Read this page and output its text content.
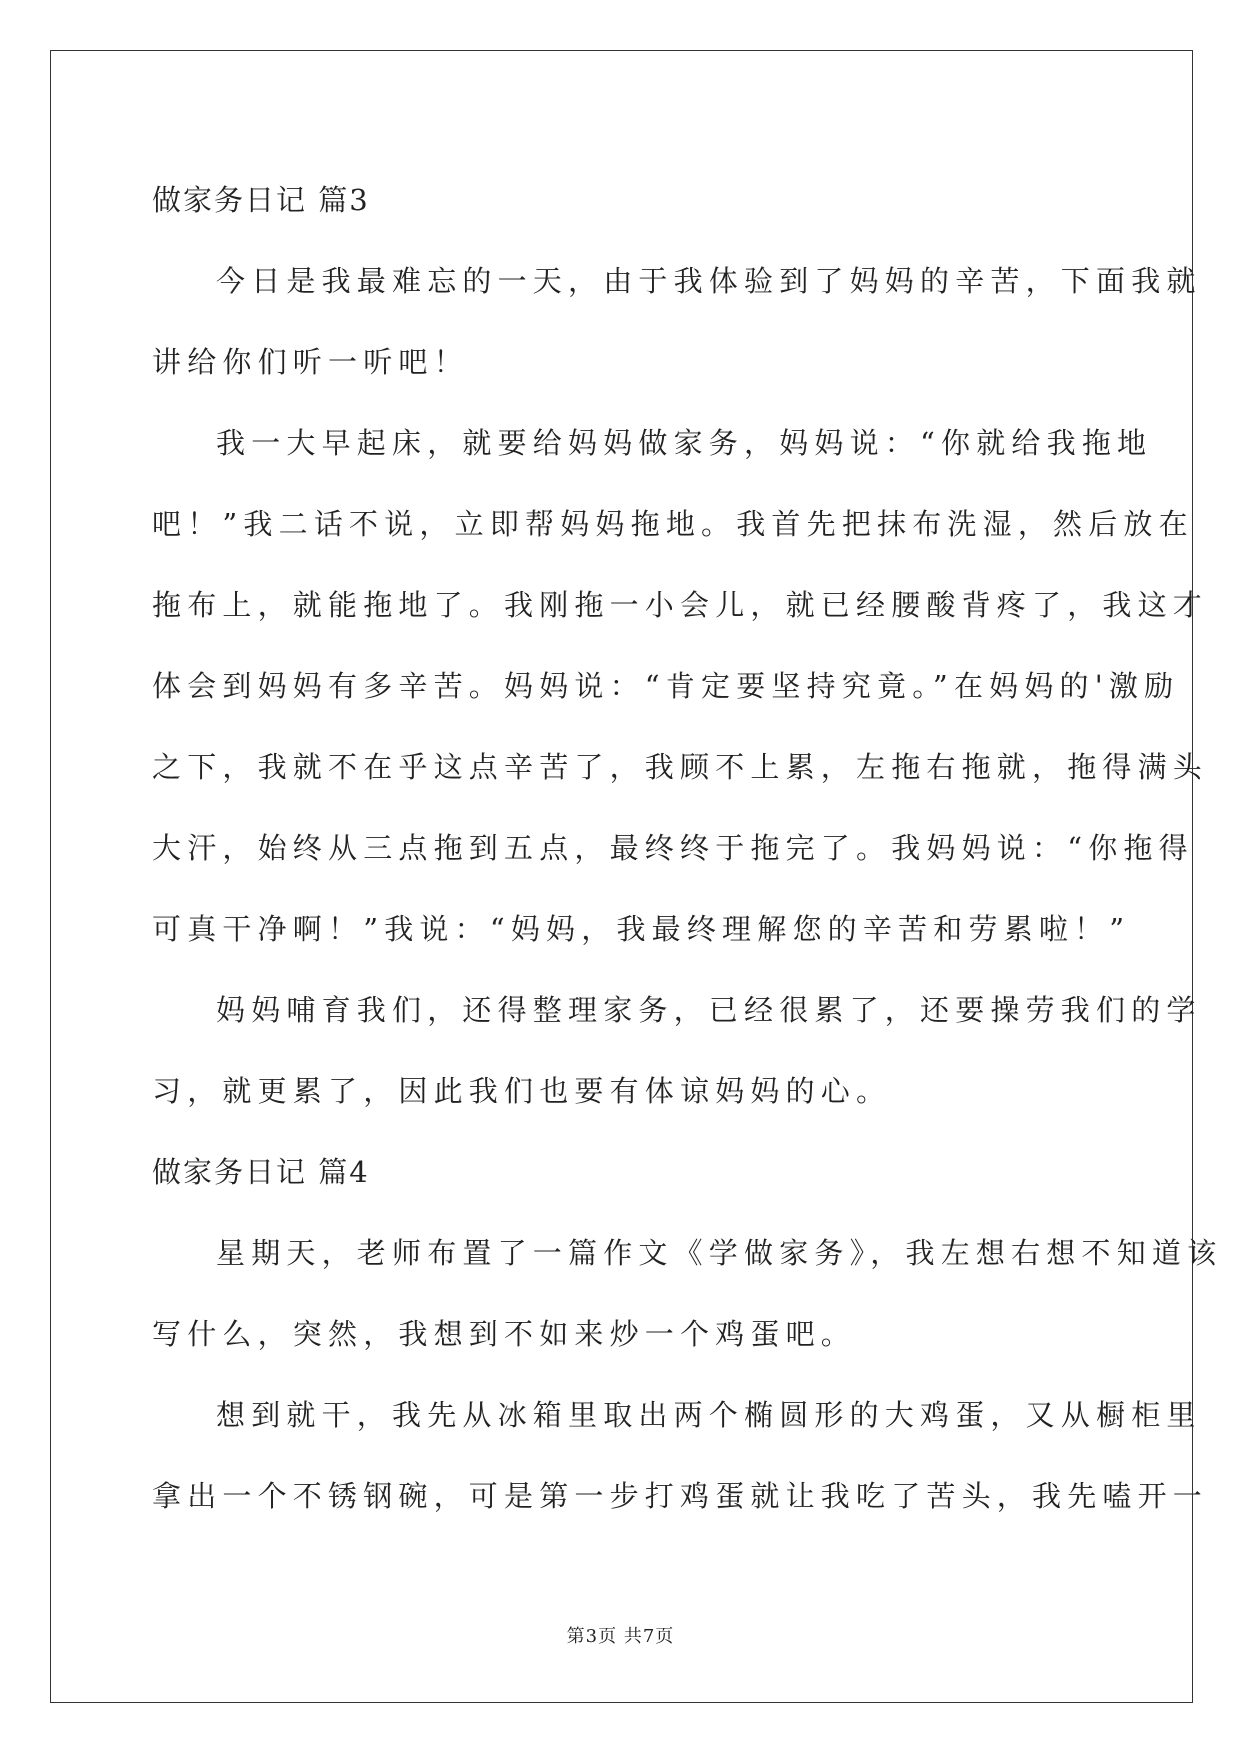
做家务日记 篇3
今日是我最难忘的一天，由于我体验到了妈妈的辛苦，下面我就
讲给你们听一听吧！
我一大早起床，就要给妈妈做家务，妈妈说：“你就给我拖地
吧！”我二话不说，立即帮妈妈拖地。我首先把抹布洗湿，然后放在
拖布上，就能拖地了。我刚拖一小会儿，就已经腰酸背疼了，我这才
体会到妈妈有多辛苦。妈妈说：“肯定要坚持究竟。”在妈妈的'激励
之下，我就不在乎这点辛苦了，我顾不上累，左拖右拖就，拖得满头
大汗，始终从三点拖到五点，最终终于拖完了。我妈妈说：“你拖得
可真干净啊！”我说：“妈妈，我最终理解您的辛苦和劳累啦！”
妈妈哺育我们，还得整理家务，已经很累了，还要操劳我们的学
习，就更累了，因此我们也要有体谅妈妈的心。
做家务日记 篇4
星期天，老师布置了一篇作文《学做家务》，我左想右想不知道该
写什么，突然，我想到不如来炒一个鸡蛋吧。
想到就干，我先从冰箱里取出两个椭圆形的大鸡蛋，又从橱柜里
拿出一个不锈钢碗，可是第一步打鸡蛋就让我吃了苦头，我先嗑开一
第3页 共7页
